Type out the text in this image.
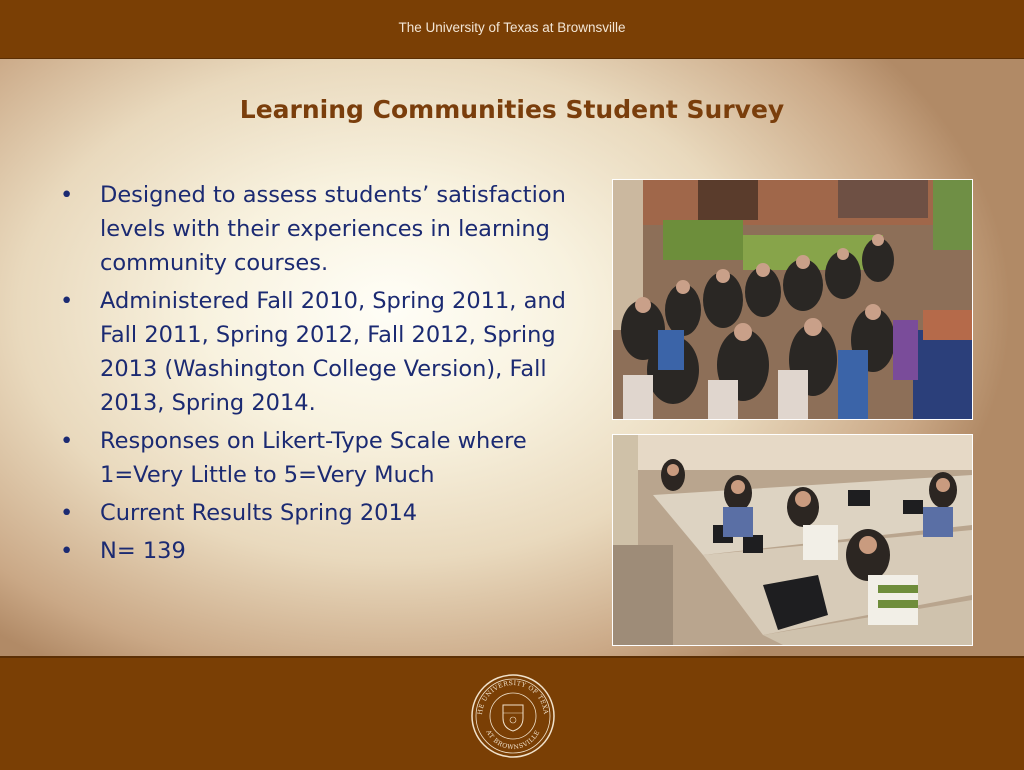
The University of Texas at Brownsville
Learning Communities Student Survey
• Designed to assess students’ satisfaction levels with their experiences in learning community courses.
• Administered Fall 2010, Spring 2011, and Fall 2011, Spring 2012, Fall 2012, Spring 2013 (Washington College Version), Fall 2013, Spring 2014.
• Responses on Likert-Type Scale where 1=Very Little to 5=Very Much
• Current Results Spring 2014
• N= 139
HE UNIVERSITY OF TEXA
AT BROWNSVILLE
